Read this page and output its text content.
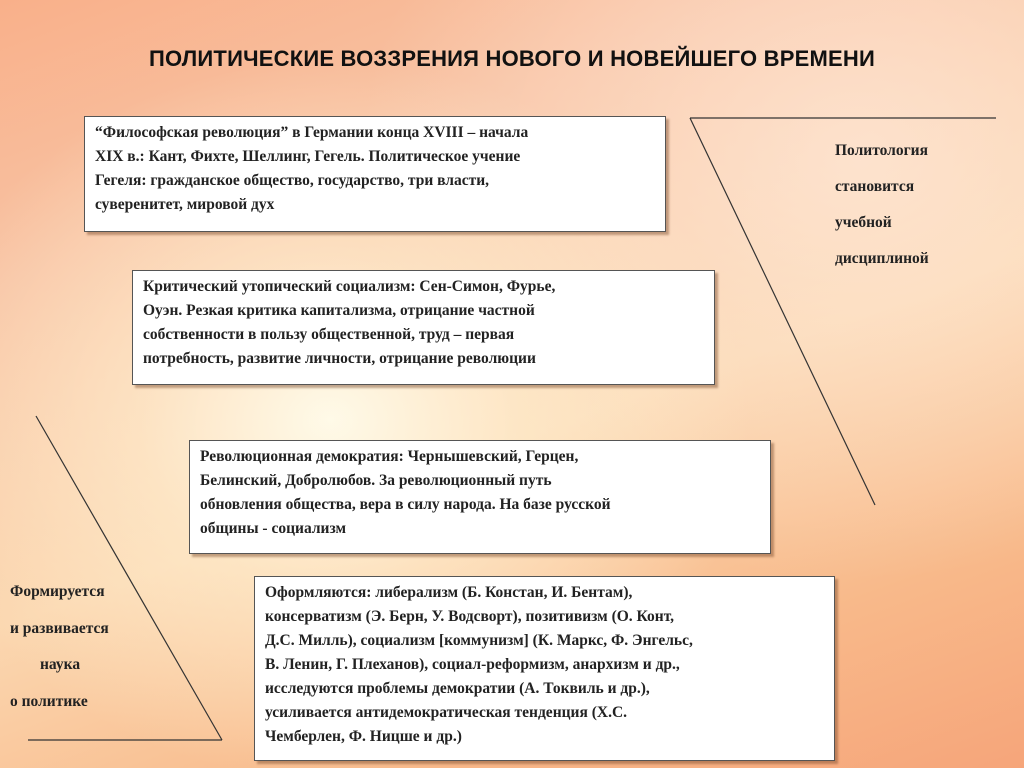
ПОЛИТИЧЕСКИЕ ВОЗЗРЕНИЯ НОВОГО И НОВЕЙШЕГО ВРЕМЕНИ
“Философская революция” в Германии конца XVIII – начала
XIX в.: Кант, Фихте, Шеллинг, Гегель. Политическое учение
Гегеля: гражданское общество, государство, три власти,
суверенитет, мировой дух
Критический утопический социализм: Сен-Симон, Фурье,
Оуэн. Резкая критика капитализма, отрицание частной
собственности в пользу общественной, труд – первая
потребность, развитие личности, отрицание революции
Революционная демократия: Чернышевский, Герцен,
Белинский, Добролюбов. За революционный путь
обновления общества, вера в силу народа. На базе русской
общины - социализм
Оформляются: либерализм (Б. Констан, И. Бентам),
консерватизм (Э. Берн, У. Водсворт), позитивизм (О. Конт,
Д.С. Милль), социализм [коммунизм] (К. Маркс, Ф. Энгельс,
В. Ленин, Г. Плеханов), социал-реформизм, анархизм и др.,
исследуются проблемы демократии (А. Токвиль и др.),
усиливается антидемократическая тенденция (Х.С.
Чемберлен, Ф. Ницше и др.)
Политология
становится
учебной
дисциплиной
Формируется
и развивается
наука
о политике
